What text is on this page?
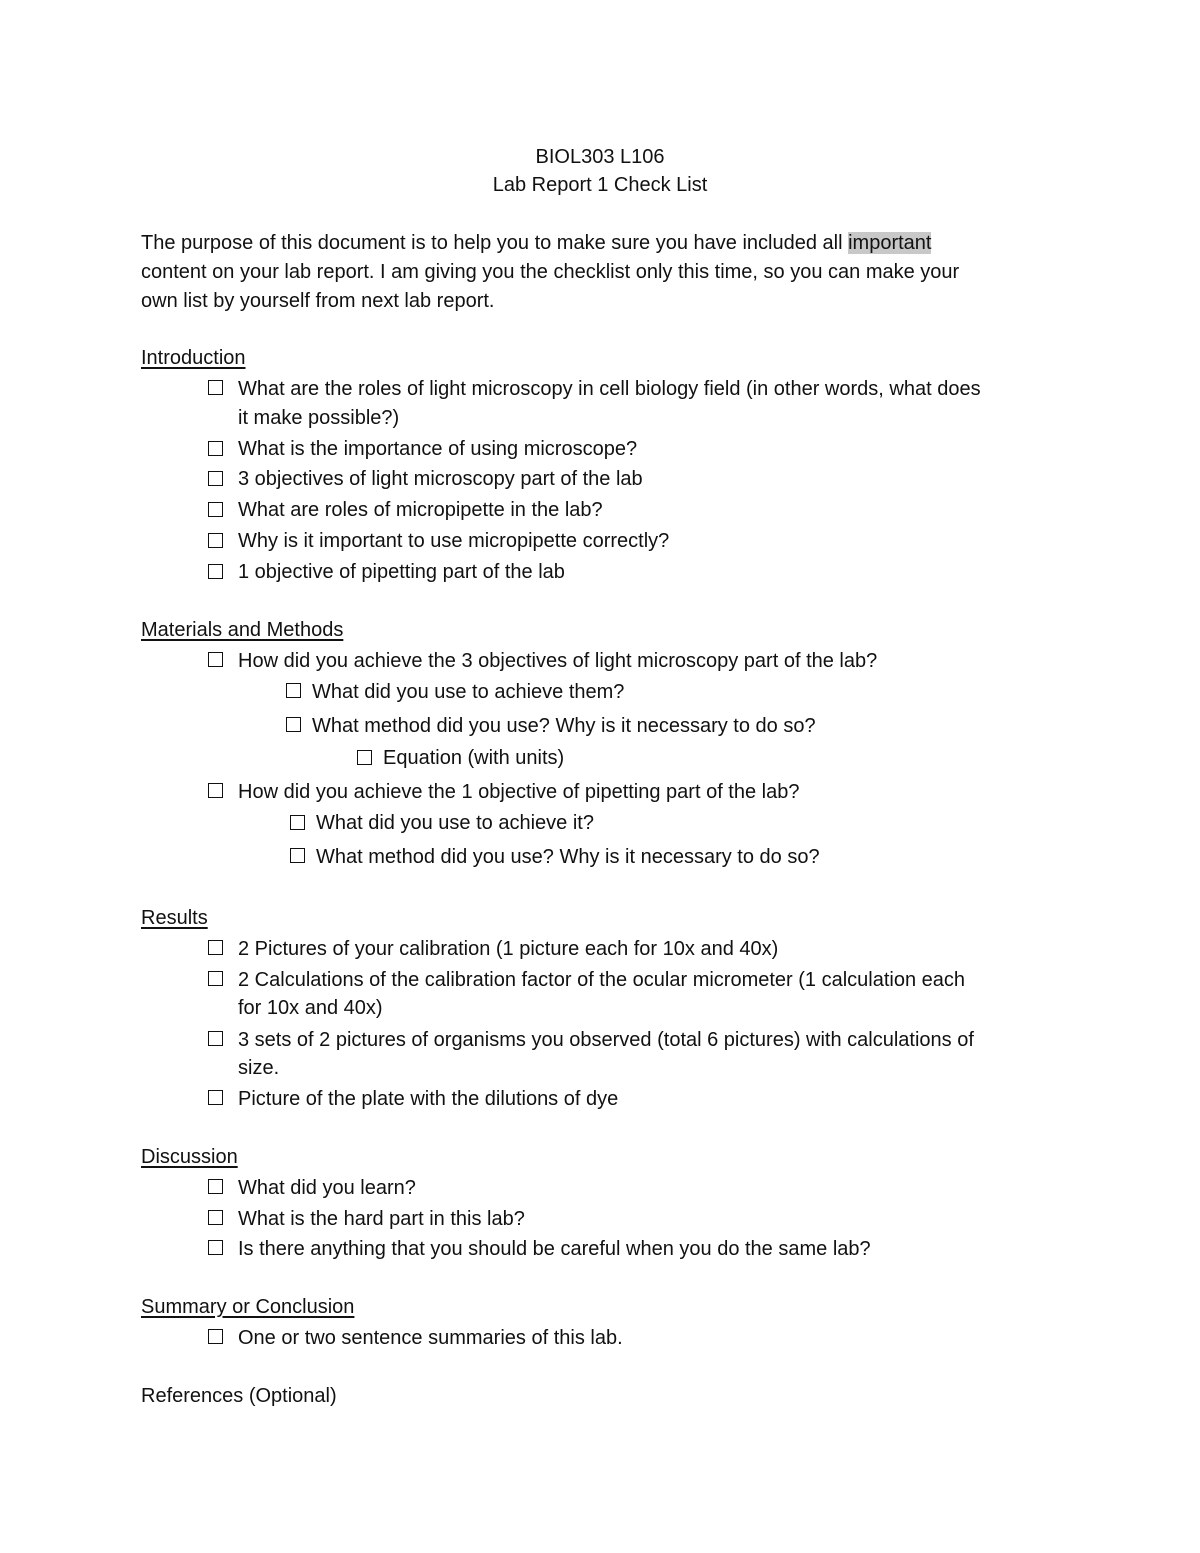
BIOL303 L106
Lab Report 1 Check List
The purpose of this document is to help you to make sure you have included all important
content on your lab report. I am giving you the checklist only this time, so you can make your
own list by yourself from next lab report.
Introduction
What are the roles of light microscopy in cell biology field (in other words, what does
it make possible?)
What is the importance of using microscope?
3 objectives of light microscopy part of the lab
What are roles of micropipette in the lab?
Why is it important to use micropipette correctly?
1 objective of pipetting part of the lab
Materials and Methods
How did you achieve the 3 objectives of light microscopy part of the lab?
What did you use to achieve them?
What method did you use? Why is it necessary to do so?
Equation (with units)
How did you achieve the 1 objective of pipetting part of the lab?
What did you use to achieve it?
What method did you use? Why is it necessary to do so?
Results
2 Pictures of your calibration (1 picture each for 10x and 40x)
2 Calculations of the calibration factor of the ocular micrometer (1 calculation each
for 10x and 40x)
3 sets of 2 pictures of organisms you observed (total 6 pictures) with calculations of
size.
Picture of the plate with the dilutions of dye
Discussion
What did you learn?
What is the hard part in this lab?
Is there anything that you should be careful when you do the same lab?
Summary or Conclusion
One or two sentence summaries of this lab.
References (Optional)
